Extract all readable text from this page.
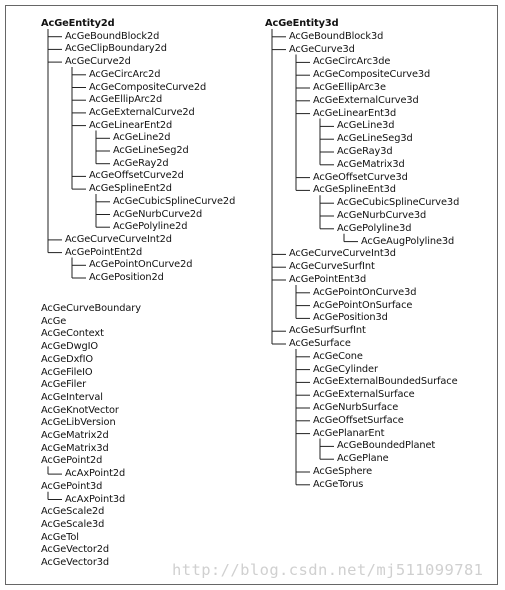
AcGeEntity2d
AcGeBoundBlock2d
AcGeClipBoundary2d
AcGeCurve2d
AcGeCircArc2d
AcGeCompositeCurve2d
AcGeEllipArc2d
AcGeExternalCurve2d
AcGeLinearEnt2d
AcGeLine2d
AcGeLineSeg2d
AcGeRay2d
AcGeOffsetCurve2d
AcGeSplineEnt2d
AcGeCubicSplineCurve2d
AcGeNurbCurve2d
AcGePolyline2d
AcGeCurveCurveInt2d
AcGePointEnt2d
AcGePointOnCurve2d
AcGePosition2d
AcGeEntity3d
AcGeBoundBlock3d
AcGeCurve3d
AcGeCircArc3de
AcGeCompositeCurve3d
AcGeEllipArc3e
AcGeExternalCurve3d
AcGeLinearEnt3d
AcGeLine3d
AcGeLineSeg3d
AcGeRay3d
AcGeMatrix3d
AcGeOffsetCurve3d
AcGeSplineEnt3d
AcGeCubicSplineCurve3d
AcGeNurbCurve3d
AcGePolyline3d
AcGeAugPolyline3d
AcGeCurveCurveInt3d
AcGeCurveSurfInt
AcGePointEnt3d
AcGePointOnCurve3d
AcGePointOnSurface
AcGePosition3d
AcGeSurfSurfInt
AcGeSurface
AcGeCone
AcGeCylinder
AcGeExternalBoundedSurface
AcGeExternalSurface
AcGeNurbSurface
AcGeOffsetSurface
AcGePlanarEnt
AcGeBoundedPlanet
AcGePlane
AcGeSphere
AcGeTorus
AcGeCurveBoundary
AcGe
AcGeContext
AcGeDwgIO
AcGeDxfIO
AcGeFileIO
AcGeFiler
AcGeInterval
AcGeKnotVector
AcGeLibVersion
AcGeMatrix2d
AcGeMatrix3d
AcGePoint2d
AcAxPoint2d
AcGePoint3d
AcAxPoint3d
AcGeScale2d
AcGeScale3d
AcGeTol
AcGeVector2d
AcGeVector3d	http://blog.csdn.net/mj511099781
